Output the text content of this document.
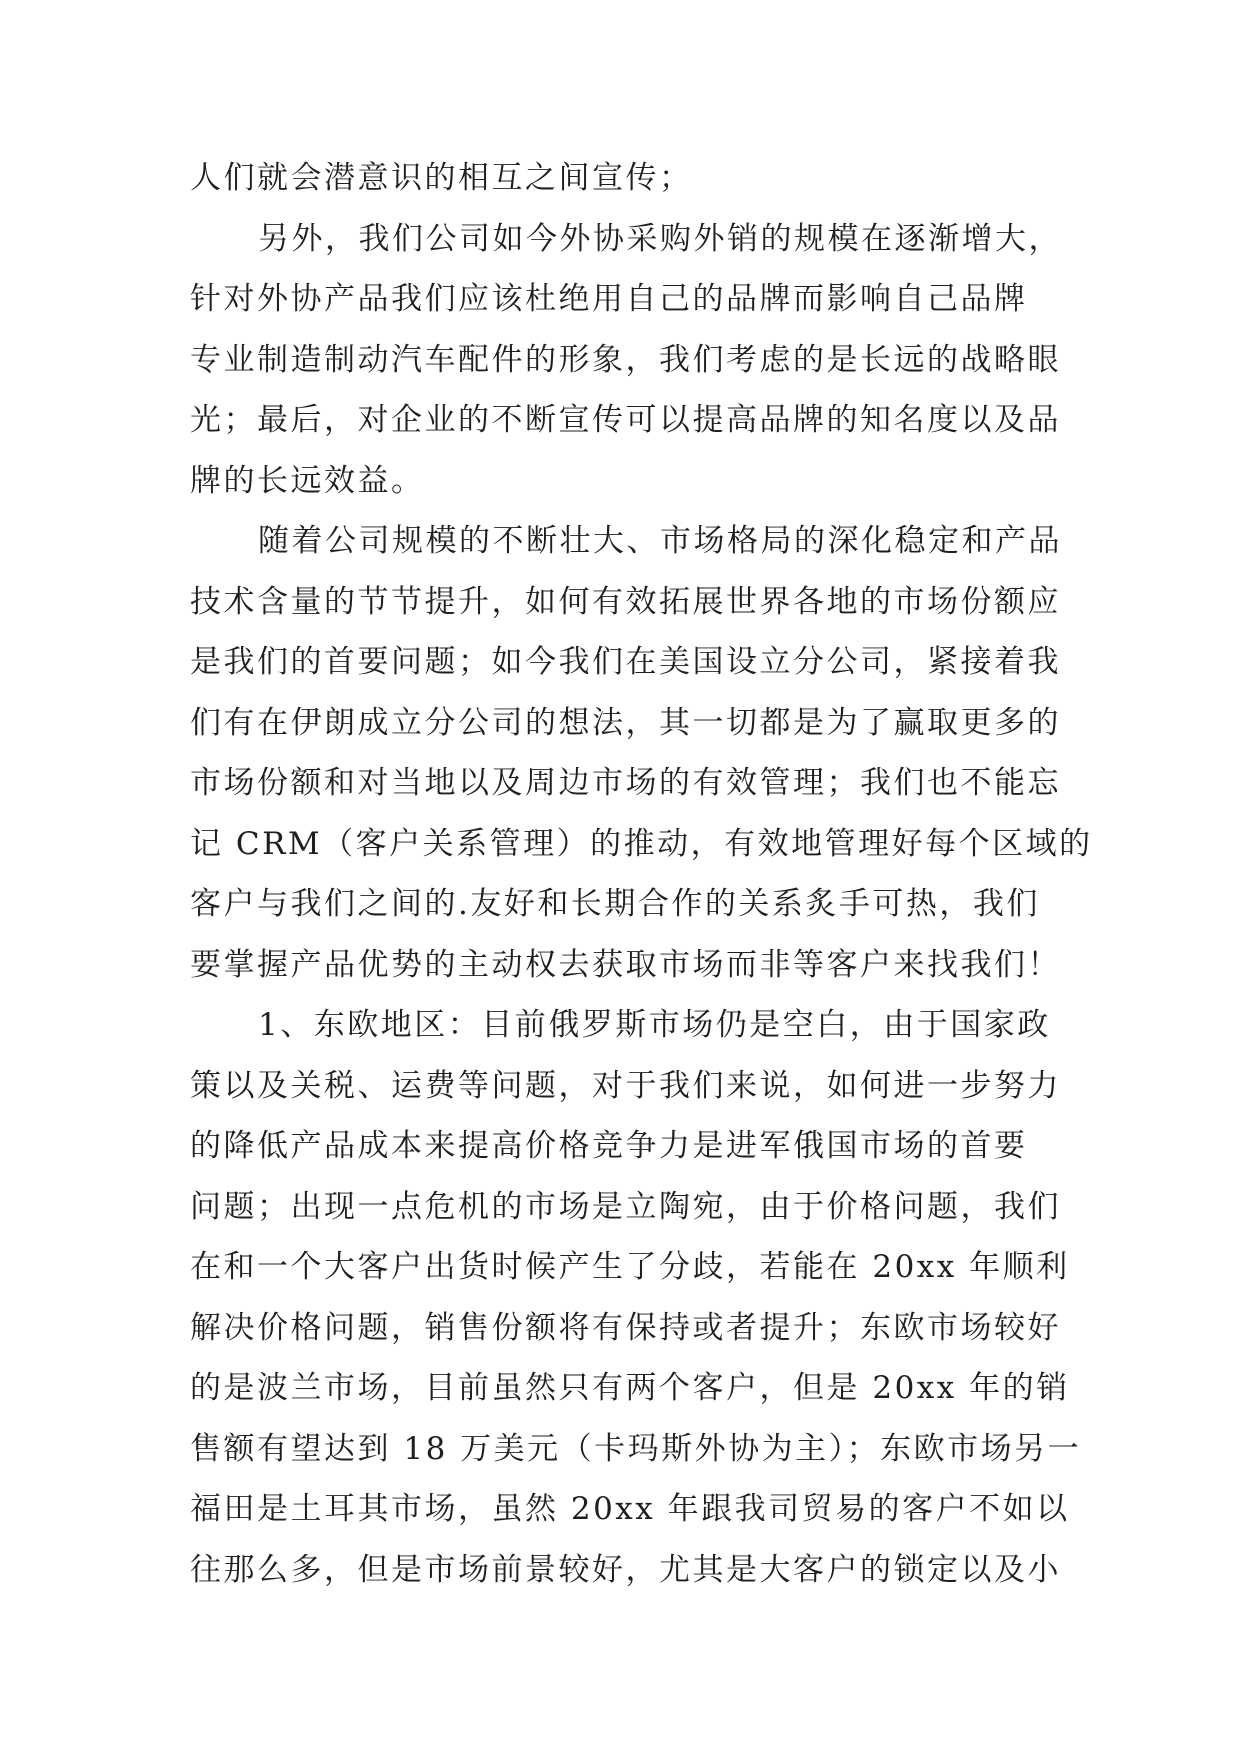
人们就会潜意识的相互之间宣传；
另外，我们公司如今外协采购外销的规模在逐渐增大，
针对外协产品我们应该杜绝用自己的品牌而影响自己品牌
专业制造制动汽车配件的形象，我们考虑的是长远的战略眼
光；最后，对企业的不断宣传可以提高品牌的知名度以及品
牌的长远效益。
随着公司规模的不断壮大、市场格局的深化稳定和产品
技术含量的节节提升，如何有效拓展世界各地的市场份额应
是我们的首要问题；如今我们在美国设立分公司，紧接着我
们有在伊朗成立分公司的想法，其一切都是为了赢取更多的
市场份额和对当地以及周边市场的有效管理；我们也不能忘
记 CRM（客户关系管理）的推动，有效地管理好每个区域的
客户与我们之间的.友好和长期合作的关系炙手可热，我们
要掌握产品优势的主动权去获取市场而非等客户来找我们！
1、东欧地区：目前俄罗斯市场仍是空白，由于国家政
策以及关税、运费等问题，对于我们来说，如何进一步努力
的降低产品成本来提高价格竞争力是进军俄国市场的首要
问题；出现一点危机的市场是立陶宛，由于价格问题，我们
在和一个大客户出货时候产生了分歧，若能在 20xx 年顺利
解决价格问题，销售份额将有保持或者提升；东欧市场较好
的是波兰市场，目前虽然只有两个客户，但是 20xx 年的销
售额有望达到 18 万美元（卡玛斯外协为主）；东欧市场另一
福田是土耳其市场，虽然 20xx 年跟我司贸易的客户不如以
往那么多，但是市场前景较好，尤其是大客户的锁定以及小
